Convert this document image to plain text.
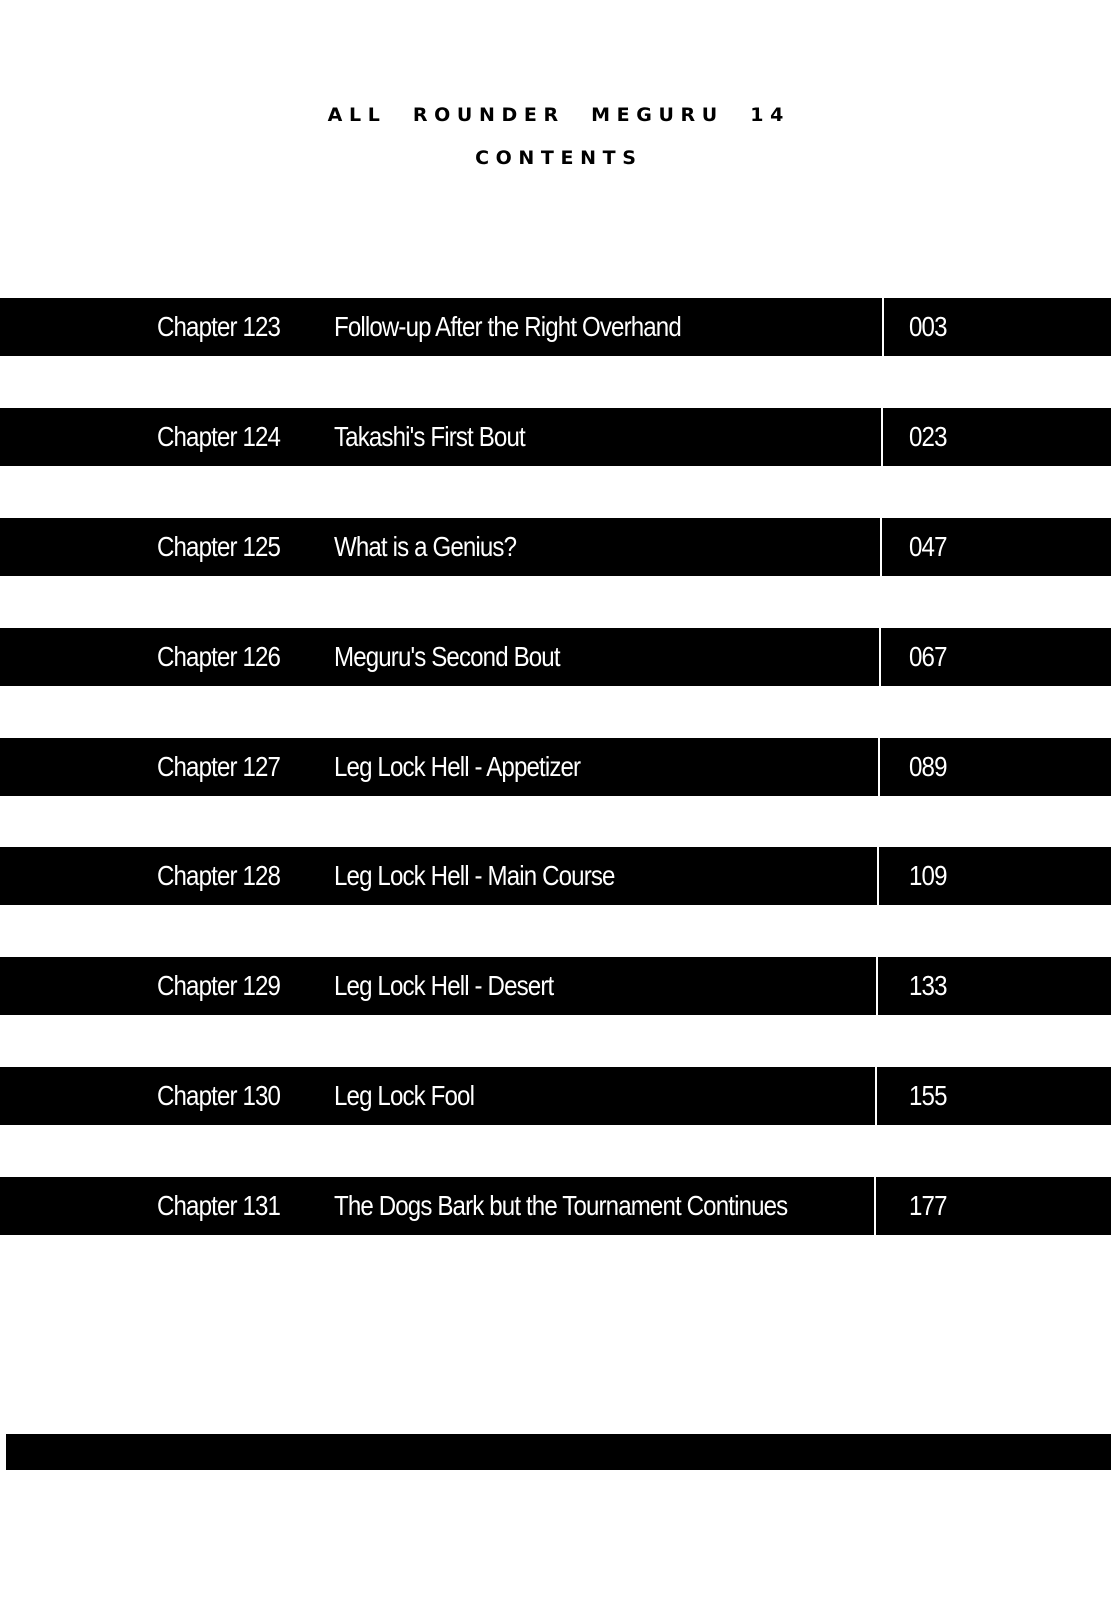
A L L     R O U N D E R     M E G U R U     1 4
C O N T E N T S
Chapter 123 Follow-up After the Right Overhand	003
Chapter 124 Takashi's First Bout	023
Chapter 125 What is a Genius?	047
Chapter 126 Meguru's Second Bout	067
Chapter 127 Leg Lock Hell - Appetizer	089
Chapter 128 Leg Lock Hell - Main Course	109
Chapter 129 Leg Lock Hell - Desert	133
Chapter 130 Leg Lock Fool	155
Chapter 131 The Dogs Bark but the Tournament Continues	177
